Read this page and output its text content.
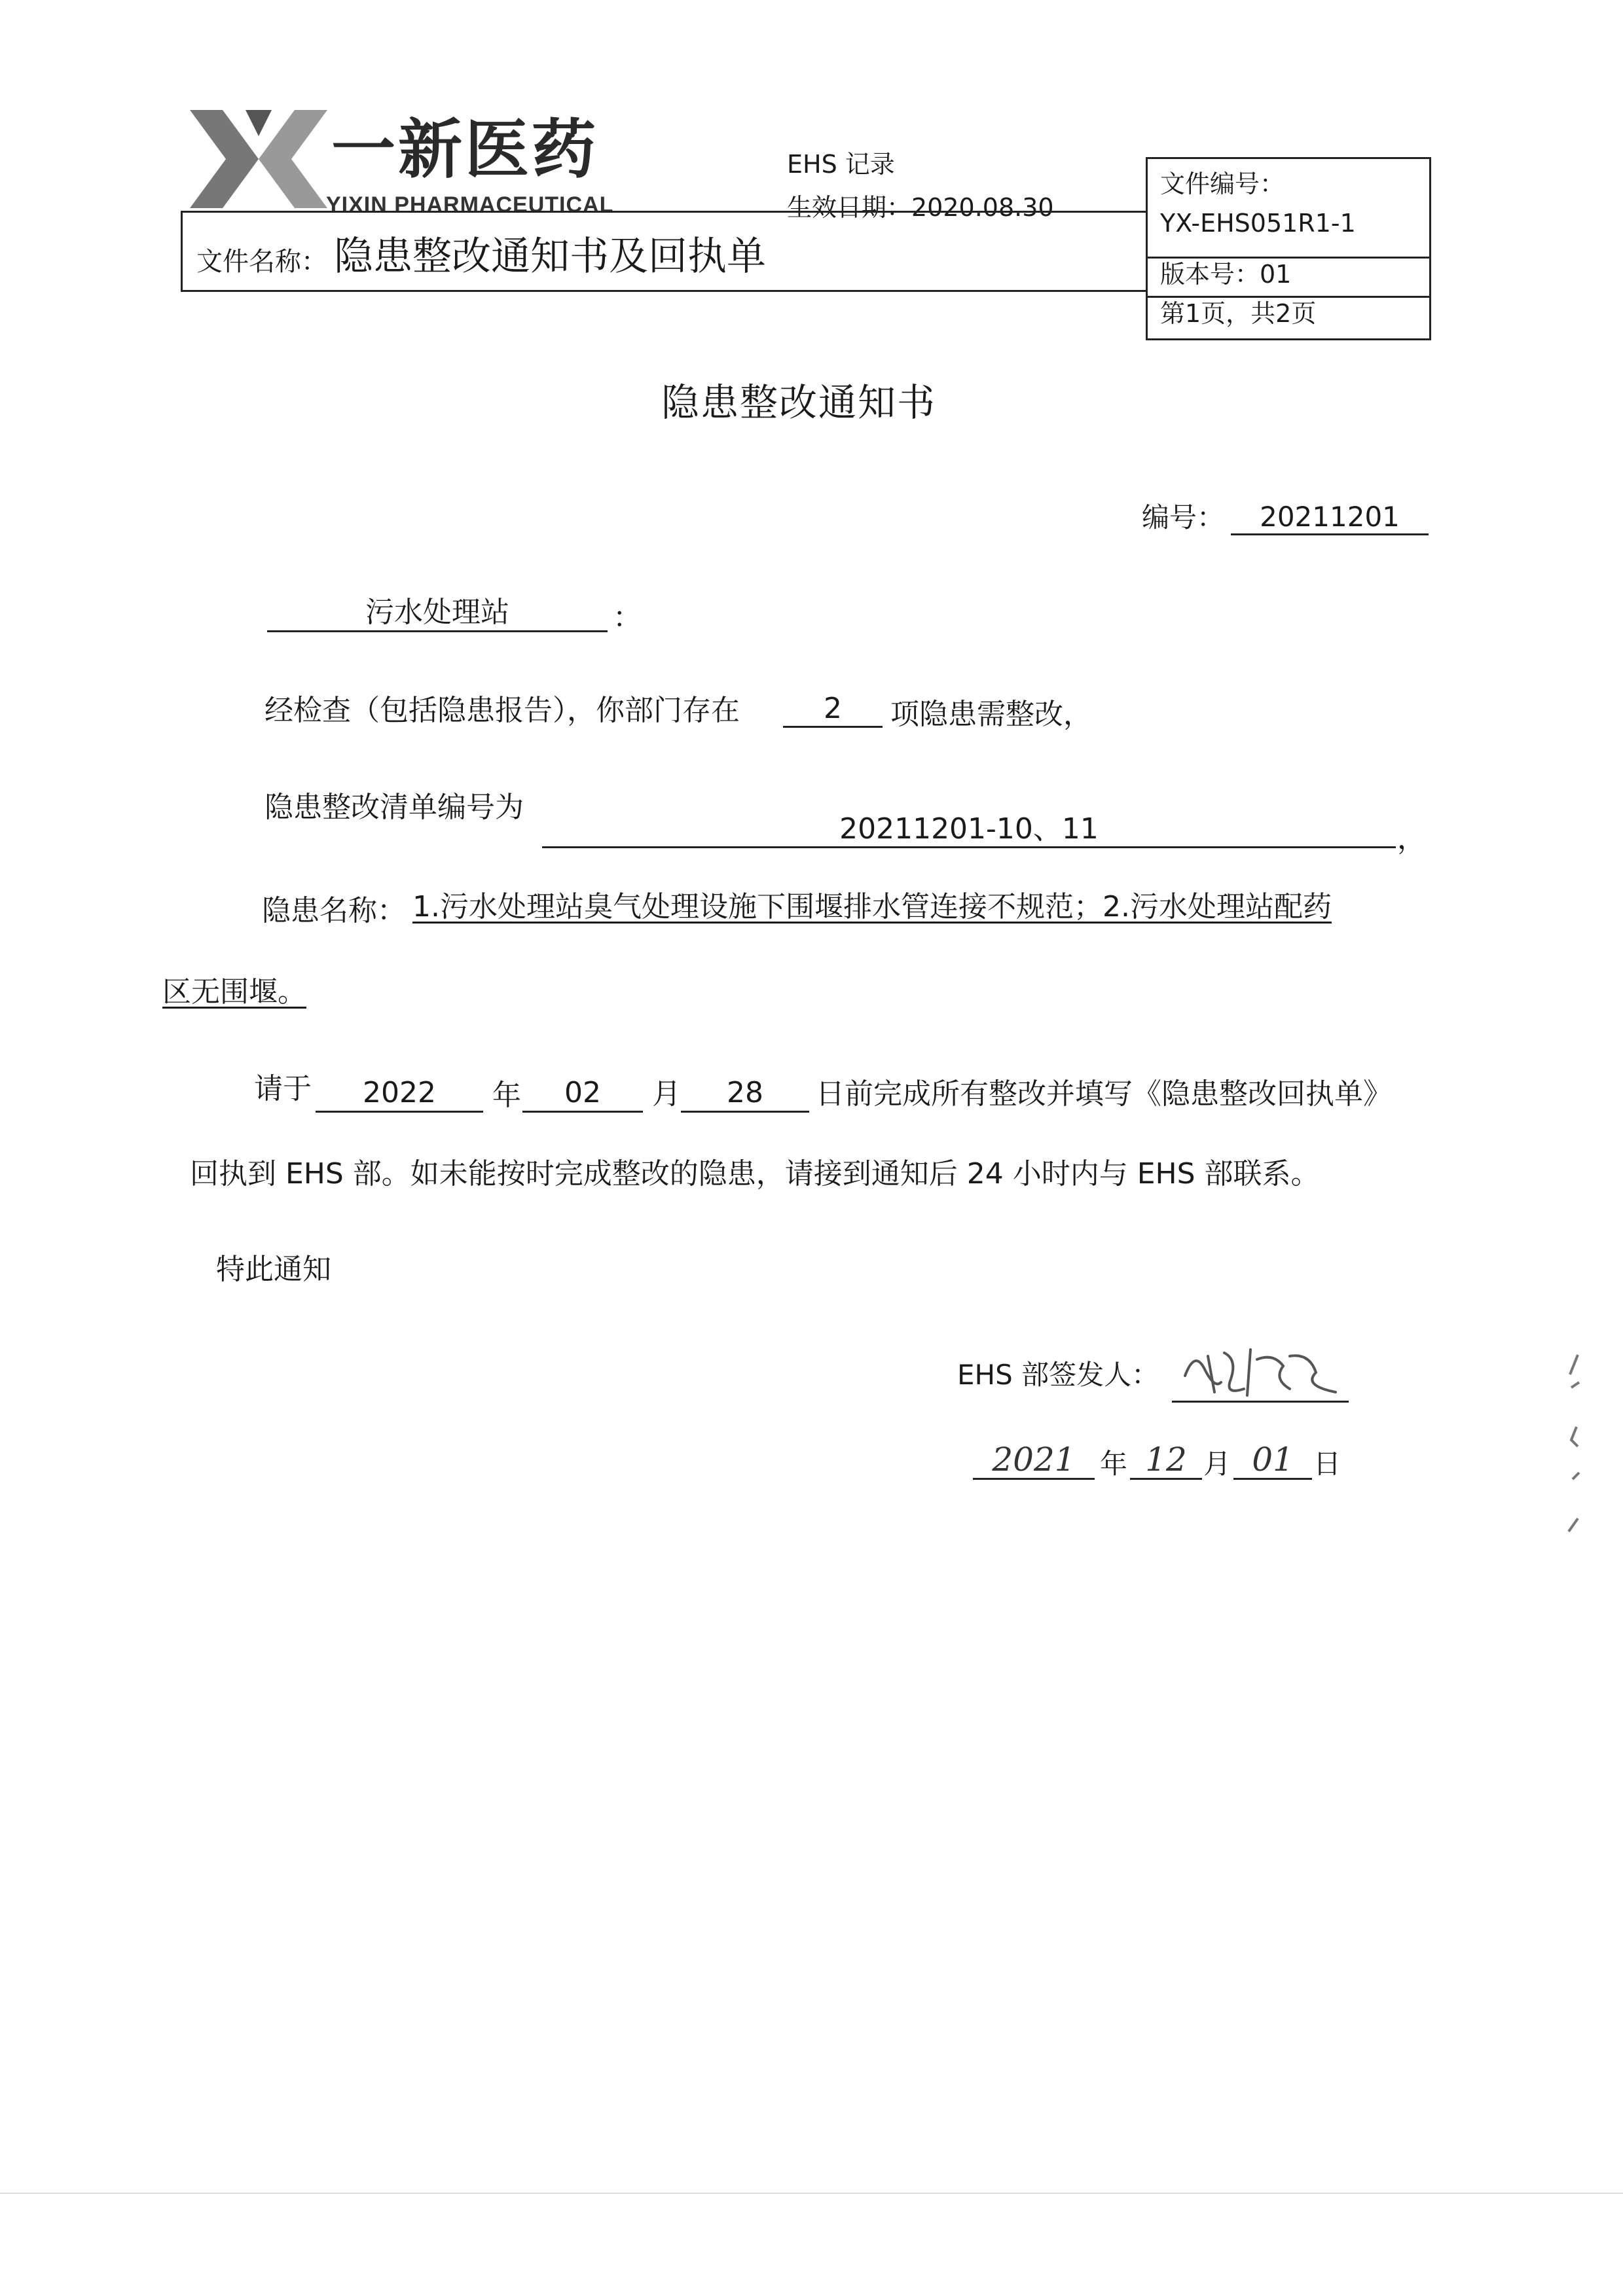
一新医药
YIXIN PHARMACEUTICAL
EHS 记录
生效日期：2020.08.30
文件名称： 隐患整改通知书及回执单
文件编号：
YX-EHS051R1-1
版本号：01
第1页，共2页
隐患整改通知书
编号：	20211201
污水处理站	：
经检查（包括隐患报告），你部门存在	2	项隐患需整改，
隐患整改清单编号为
20211201-10、11	，
隐患名称： 1.污水处理站臭气处理设施下围堰排水管连接不规范；2.污水处理站配药
区无围堰。
请于	2022	年	02	月	28	日前完成所有整改并填写《隐患整改回执单》
回执到 EHS 部。如未能按时完成整改的隐患，请接到通知后 24 小时内与 EHS 部联系。
特此通知
EHS 部签发人：
2021 年 12 月 01 日
